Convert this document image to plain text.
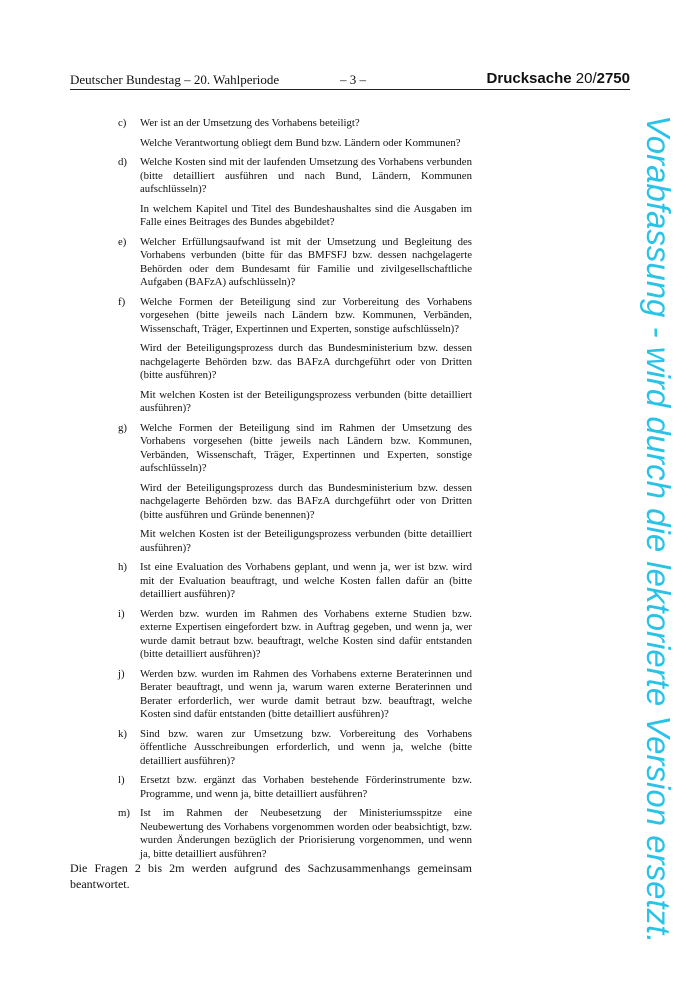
Deutscher Bundestag – 20. Wahlperiode	– 3 –	Drucksache 20/2750
c) Wer ist an der Umsetzung des Vorhabens beteiligt?

Welche Verantwortung obliegt dem Bund bzw. Ländern oder Kommunen?

d) Welche Kosten sind mit der laufenden Umsetzung des Vorhabens verbunden (bitte detailliert ausführen und nach Bund, Ländern, Kommunen aufschlüsseln)?

In welchem Kapitel und Titel des Bundeshaushaltes sind die Ausgaben im Falle eines Beitrages des Bundes abgebildet?

e) Welcher Erfüllungsaufwand ist mit der Umsetzung und Begleitung des Vorhabens verbunden (bitte für das BMFSFJ bzw. dessen nachgelagerte Behörden oder dem Bundesamt für Familie und zivilgesellschaftliche Aufgaben (BAFzA) aufschlüsseln)?

f) Welche Formen der Beteiligung sind zur Vorbereitung des Vorhabens vorgesehen (bitte jeweils nach Ländern bzw. Kommunen, Verbänden, Wissenschaft, Träger, Expertinnen und Experten, sonstige aufschlüsseln)?

Wird der Beteiligungsprozess durch das Bundesministerium bzw. dessen nachgelagerte Behörden bzw. das BAFzA durchgeführt oder von Dritten (bitte ausführen)?

Mit welchen Kosten ist der Beteiligungsprozess verbunden (bitte detailliert ausführen)?

g) Welche Formen der Beteiligung sind im Rahmen der Umsetzung des Vorhabens vorgesehen (bitte jeweils nach Ländern bzw. Kommunen, Verbänden, Wissenschaft, Träger, Expertinnen und Experten, sonstige aufschlüsseln)?

Wird der Beteiligungsprozess durch das Bundesministerium bzw. dessen nachgelagerte Behörden bzw. das BAFzA durchgeführt oder von Dritten (bitte ausführen und Gründe benennen)?

Mit welchen Kosten ist der Beteiligungsprozess verbunden (bitte detailliert ausführen)?

h) Ist eine Evaluation des Vorhabens geplant, und wenn ja, wer ist bzw. wird mit der Evaluation beauftragt, und welche Kosten fallen dafür an (bitte detailliert ausführen)?

i) Werden bzw. wurden im Rahmen des Vorhabens externe Studien bzw. externe Expertisen eingefordert bzw. in Auftrag gegeben, und wenn ja, wer wurde damit betraut bzw. beauftragt, welche Kosten sind dafür entstanden (bitte detailliert ausführen)?

j) Werden bzw. wurden im Rahmen des Vorhabens externe Beraterinnen und Berater beauftragt, und wenn ja, warum waren externe Beraterinnen und Berater erforderlich, wer wurde damit betraut bzw. beauftragt, welche Kosten sind dafür entstanden (bitte detailliert ausführen)?

k) Sind bzw. waren zur Umsetzung bzw. Vorbereitung des Vorhabens öffentliche Ausschreibungen erforderlich, und wenn ja, welche (bitte detailliert ausführen)?

l) Ersetzt bzw. ergänzt das Vorhaben bestehende Förderinstrumente bzw. Programme, und wenn ja, bitte detailliert ausführen?

m) Ist im Rahmen der Neubesetzung der Ministeriumsspitze eine Neubewertung des Vorhabens vorgenommen worden oder beabsichtigt, bzw. wurden Änderungen bezüglich der Priorisierung vorgenommen, und wenn ja, bitte detailliert ausführen?

Die Fragen 2 bis 2m werden aufgrund des Sachzusammenhangs gemeinsam beantwortet.	Vorabfassung - wird durch die lektorierte Version ersetzt.
